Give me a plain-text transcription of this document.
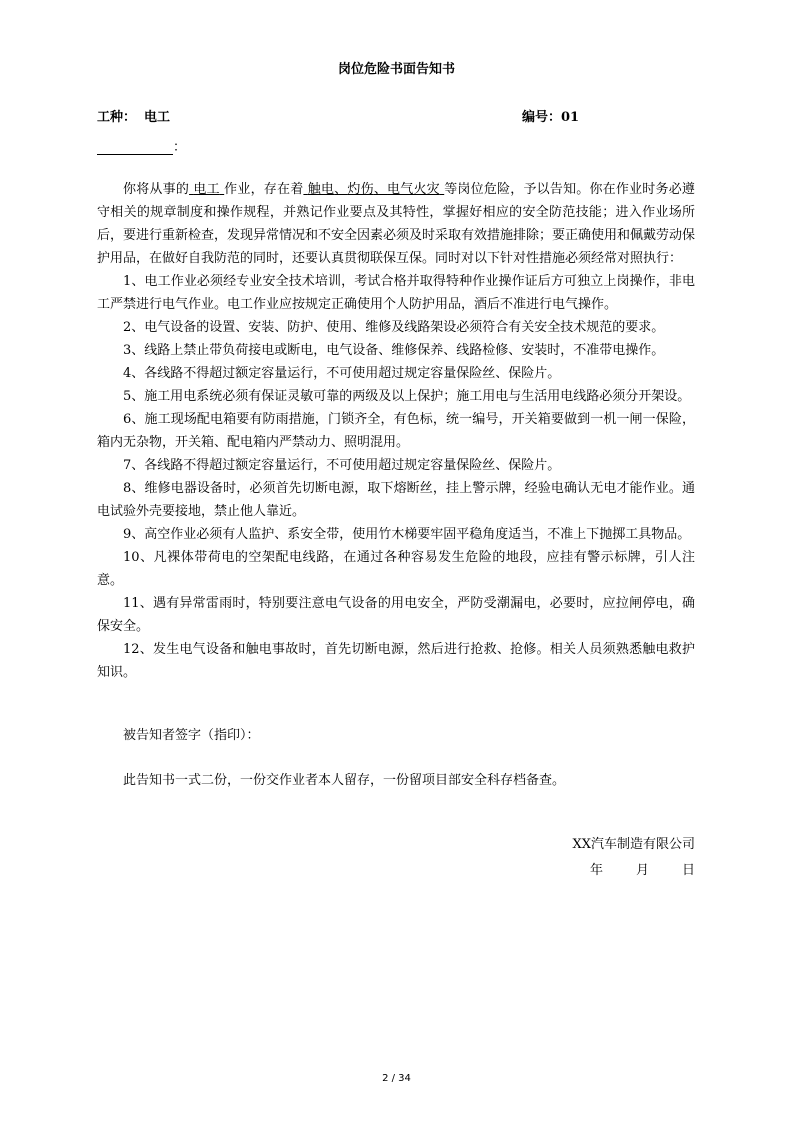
岗位危险书面告知书
工种： 电工	编号：01
：

你将从事的 电工 作业，存在着 触电、灼伤、电气火灾 等岗位危险，予以告知。你在作业时务必遵守相关的规章制度和操作规程，并熟记作业要点及其特性，掌握好相应的安全防范技能；进入作业场所后，要进行重新检查，发现异常情况和不安全因素必须及时采取有效措施排除；要正确使用和佩戴劳动保护用品，在做好自我防范的同时，还要认真贯彻联保互保。同时对以下针对性措施必须经常对照执行：

1、电工作业必须经专业安全技术培训，考试合格并取得特种作业操作证后方可独立上岗操作，非电工严禁进行电气作业。电工作业应按规定正确使用个人防护用品，酒后不准进行电气操作。

2、电气设备的设置、安装、防护、使用、维修及线路架设必须符合有关安全技术规范的要求。

3、线路上禁止带负荷接电或断电，电气设备、维修保养、线路检修、安装时，不准带电操作。

4、各线路不得超过额定容量运行，不可使用超过规定容量保险丝、保险片。

5、施工用电系统必须有保证灵敏可靠的两级及以上保护；施工用电与生活用电线路必须分开架设。

6、施工现场配电箱要有防雨措施，门锁齐全，有色标，统一编号，开关箱要做到一机一闸一保险，箱内无杂物，开关箱、配电箱内严禁动力、照明混用。

7、各线路不得超过额定容量运行，不可使用超过规定容量保险丝、保险片。

8、维修电器设备时，必须首先切断电源，取下熔断丝，挂上警示牌，经验电确认无电才能作业。通电试验外壳要接地，禁止他人靠近。

9、高空作业必须有人监护、系安全带，使用竹木梯要牢固平稳角度适当，不准上下抛掷工具物品。

10、凡裸体带荷电的空架配电线路，在通过各种容易发生危险的地段，应挂有警示标牌，引人注意。

11、遇有异常雷雨时，特别要注意电气设备的用电安全，严防受潮漏电，必要时，应拉闸停电，确保安全。

12、发生电气设备和触电事故时，首先切断电源，然后进行抢救、抢修。相关人员须熟悉触电救护知识。

被告知者签字（指印）：
此告知书一式二份，一份交作业者本人留存，一份留项目部安全科存档备查。
XX汽车制造有限公司
年	月	日
2 / 34
